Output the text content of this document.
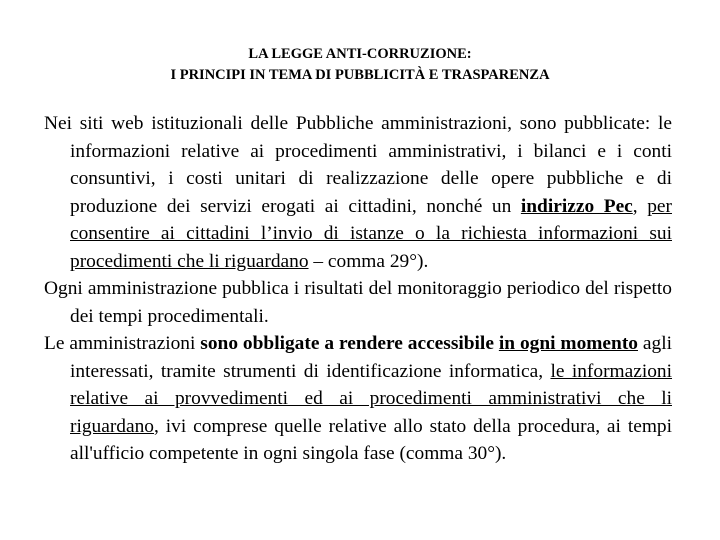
LA LEGGE ANTI-CORRUZIONE:
I PRINCIPI IN TEMA DI PUBBLICITÀ E TRASPARENZA

Nei siti web istituzionali delle Pubbliche amministrazioni, sono pubblicate: le informazioni relative ai procedimenti amministrativi, i bilanci e i conti consuntivi, i costi unitari di realizzazione delle opere pubbliche e di produzione dei servizi erogati ai cittadini, nonché un indirizzo Pec, per consentire ai cittadini l’invio di istanze o la richiesta informazioni sui procedimenti che li riguardano – comma 29°).

Ogni amministrazione pubblica i risultati del monitoraggio periodico del rispetto dei tempi procedimentali.

Le amministrazioni sono obbligate a rendere accessibile in ogni momento agli interessati, tramite strumenti di identificazione informatica, le informazioni relative ai provvedimenti ed ai procedimenti amministrativi che li riguardano, ivi comprese quelle relative allo stato della procedura, ai tempi all'ufficio competente in ogni singola fase (comma 30°).
